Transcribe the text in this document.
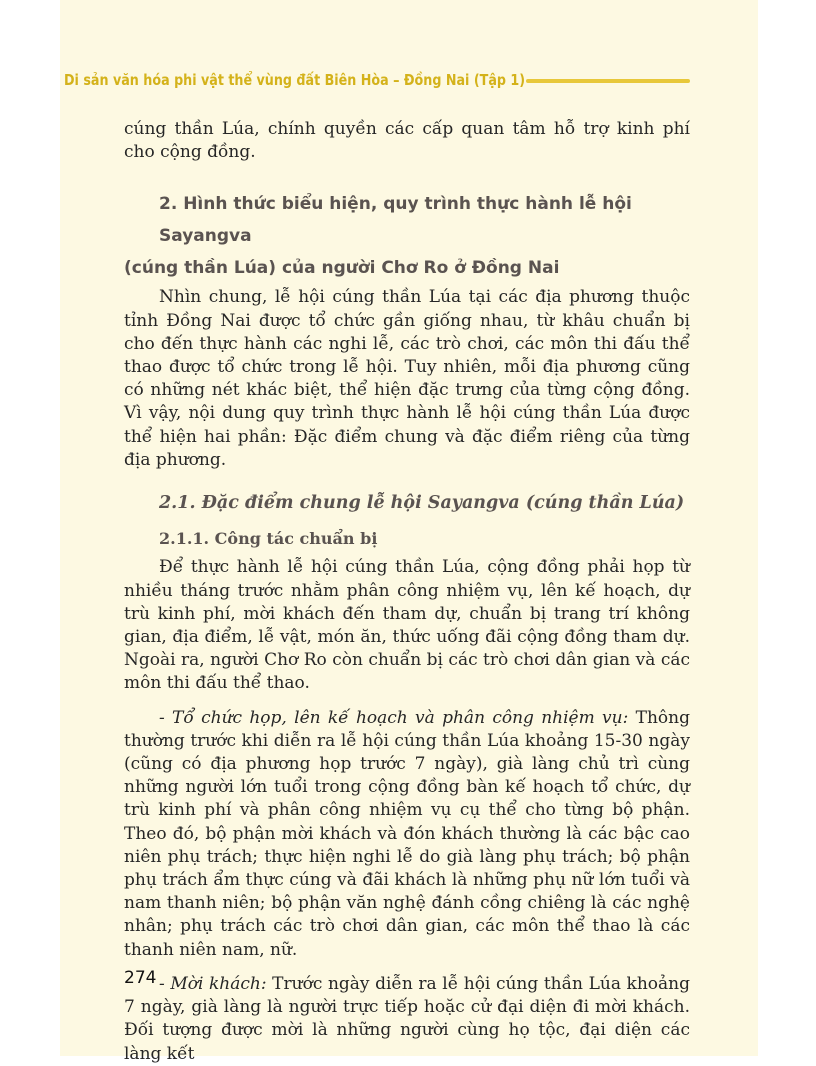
Di sản văn hóa phi vật thể vùng đất Biên Hòa – Đồng Nai (Tập 1)

cúng thần Lúa, chính quyền các cấp quan tâm hỗ trợ kinh phí cho cộng đồng.

2. Hình thức biểu hiện, quy trình thực hành lễ hội Sayangva
(cúng thần Lúa) của người Chơ Ro ở Đồng Nai

Nhìn chung, lễ hội cúng thần Lúa tại các địa phương thuộc tỉnh Đồng Nai được tổ chức gần giống nhau, từ khâu chuẩn bị cho đến thực hành các nghi lễ, các trò chơi, các môn thi đấu thể thao được tổ chức trong lễ hội. Tuy nhiên, mỗi địa phương cũng có những nét khác biệt, thể hiện đặc trưng của từng cộng đồng. Vì vậy, nội dung quy trình thực hành lễ hội cúng thần Lúa được thể hiện hai phần: Đặc điểm chung và đặc điểm riêng của từng địa phương.

2.1. Đặc điểm chung lễ hội Sayangva (cúng thần Lúa)
2.1.1. Công tác chuẩn bị

Để thực hành lễ hội cúng thần Lúa, cộng đồng phải họp từ nhiều tháng trước nhằm phân công nhiệm vụ, lên kế hoạch, dự trù kinh phí, mời khách đến tham dự, chuẩn bị trang trí không gian, địa điểm, lễ vật, món ăn, thức uống đãi cộng đồng tham dự. Ngoài ra, người Chơ Ro còn chuẩn bị các trò chơi dân gian và các môn thi đấu thể thao.

- Tổ chức họp, lên kế hoạch và phân công nhiệm vụ: Thông thường trước khi diễn ra lễ hội cúng thần Lúa khoảng 15-30 ngày (cũng có địa phương họp trước 7 ngày), già làng chủ trì cùng những người lớn tuổi trong cộng đồng bàn kế hoạch tổ chức, dự trù kinh phí và phân công nhiệm vụ cụ thể cho từng bộ phận. Theo đó, bộ phận mời khách và đón khách thường là các bậc cao niên phụ trách; thực hiện nghi lễ do già làng phụ trách; bộ phận phụ trách ẩm thực cúng và đãi khách là những phụ nữ lớn tuổi và nam thanh niên; bộ phận văn nghệ đánh cồng chiêng là các nghệ nhân; phụ trách các trò chơi dân gian, các môn thể thao là các thanh niên nam, nữ.

- Mời khách: Trước ngày diễn ra lễ hội cúng thần Lúa khoảng 7 ngày, già làng là người trực tiếp hoặc cử đại diện đi mời khách. Đối tượng được mời là những người cùng họ tộc, đại diện các làng kết

274
